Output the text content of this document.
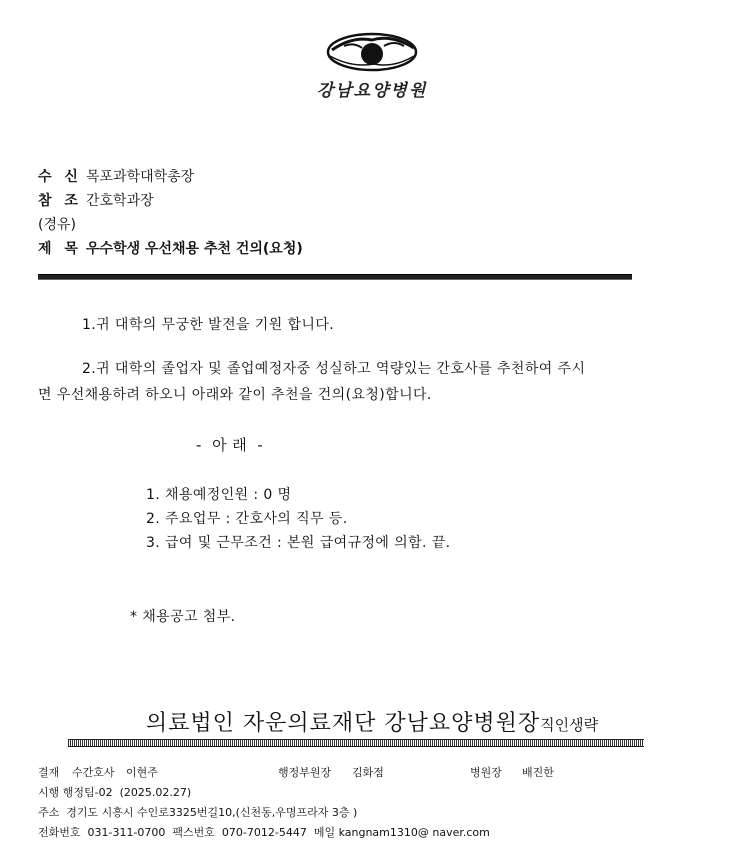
강남요양병원
수 신 목포과학대학총장
참 조 간호학과장
(경유)
제 목 우수학생 우선채용 추천 건의(요청)
1.귀 대학의 무궁한 발전을 기원 합니다.
2.귀 대학의 졸업자 및 졸업예정자중 성실하고 역량있는 간호사를 추천하여 주시
면 우선채용하려 하오니 아래와 같이 추천을 건의(요청)합니다.
-  아 래  -
1. 채용예정인원 : 0 명
2. 주요업무 : 간호사의 직무 등.
3. 급여 및 근무조건 : 본원 급여규정에 의함. 끝.
* 채용공고 첨부.
의료법인 자운의료재단 강남요양병원장직인생략
결재 수간호사 이현주	행정부원장 김화점	병원장 배진한
시행 행정팀-02  (2025.02.27)
주소  경기도 시흥시 수인로3325번길10,(신천동,우명프라자 3층 )
전화번호  031-311-0700  팩스번호  070-7012-5447  메일 kangnam1310@ naver.com
